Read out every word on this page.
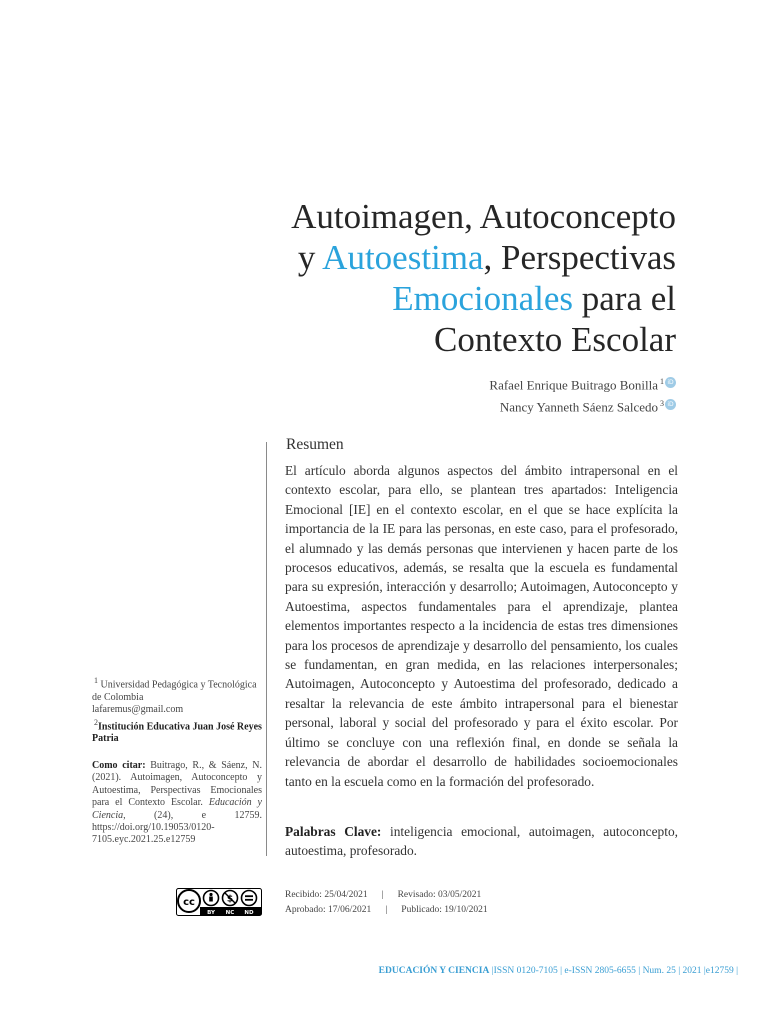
Autoimagen, Autoconcepto
y Autoestima, Perspectivas
Emocionales para el
Contexto Escolar
Rafael Enrique Buitrago Bonilla $^1$ iD
Nancy Yanneth Sáenz Salcedo $^3$ iD
Resumen

El artículo aborda algunos aspectos del ámbito intrapersonal en el contexto escolar, para ello, se plantean tres apartados: Inteligencia Emocional [IE] en el contexto escolar, en el que se hace explícita la importancia de la IE para las personas, en este caso, para el profesorado, el alumnado y las demás personas que intervienen y hacen parte de los procesos educativos, además, se resalta que la escuela es fundamental para su expresión, interacción y desarrollo; Autoimagen, Autoconcepto y Autoestima, aspectos fundamentales para el aprendizaje, plantea elementos importantes respecto a la incidencia de estas tres dimensiones para los procesos de aprendizaje y desarrollo del pensamiento, los cuales se fundamentan, en gran medida, en las relaciones interpersonales; Autoimagen, Autoconcepto y Autoestima del profesorado, dedicado a resaltar la relevancia de este ámbito intrapersonal para el bienestar personal, laboral y social del profesorado y para el éxito escolar. Por último se concluye con una reflexión final, en donde se señala la relevancia de abordar el desarrollo de habilidades socioemocionales tanto en la escuela como en la formación del profesorado.

Palabras Clave: inteligencia emocional, autoimagen, autoconcepto, autoestima, profesorado.

$^1$ Universidad Pedagógica y Tecnológica de Colombia
lafaremus@gmail.com
$^2$Institución Educativa Juan José Reyes Patria
Como citar: Buitrago, R., & Sáenz, N. (2021). Autoimagen, Autoconcepto y Autoestima, Perspectivas Emocionales para el Contexto Escolar. Educación y Ciencia, (24), e 12759. https://doi.org/10.19053/0120-7105.eyc.2021.25.e12759
cc	$
BY NC ND
Recibido: 25/04/2021 | Revisado: 03/05/2021
Aprobado: 17/06/2021 | Publicado: 19/10/2021
EDUCACIÓN Y CIENCIA |ISSN 0120-7105 | e-ISSN 2805-6655 | Num. 25 | 2021 |e12759 |
